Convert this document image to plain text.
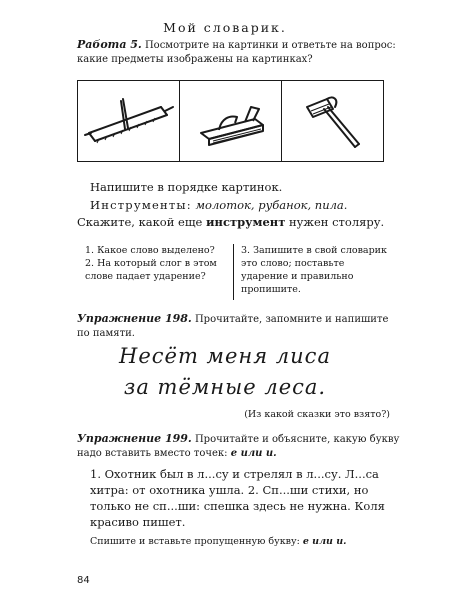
Мой словарик.
Работа 5. Посмотрите на картинки и ответьте на вопрос: какие предметы изображены на картинках?
Напишите в порядке картинок.
Инструменты: молоток, рубанок, пила.
Скажите, какой еще инструмент нужен столяру.
1. Какое слово выделено?
2. На который слог в этом слове падает ударение?
3. Запишите в свой словарик это слово; поставьте ударение и правильно пропишите.
Упражнение 198. Прочитайте, запомните и напишите по памяти.
Несёт меня лиса
за тёмные леса.
(Из какой сказки это взято?)
Упражнение 199. Прочитайте и объясните, какую букву надо вставить вместо точек: е или и.
1. Охотник был в л...су и стрелял в л...су. Л...са хитра: от охотника ушла. 2. Сп...ши стихи, но только не сп...ши: спешка здесь не нужна. Коля красиво пишет.
Спишите и вставьте пропущенную букву: е или и.
84
